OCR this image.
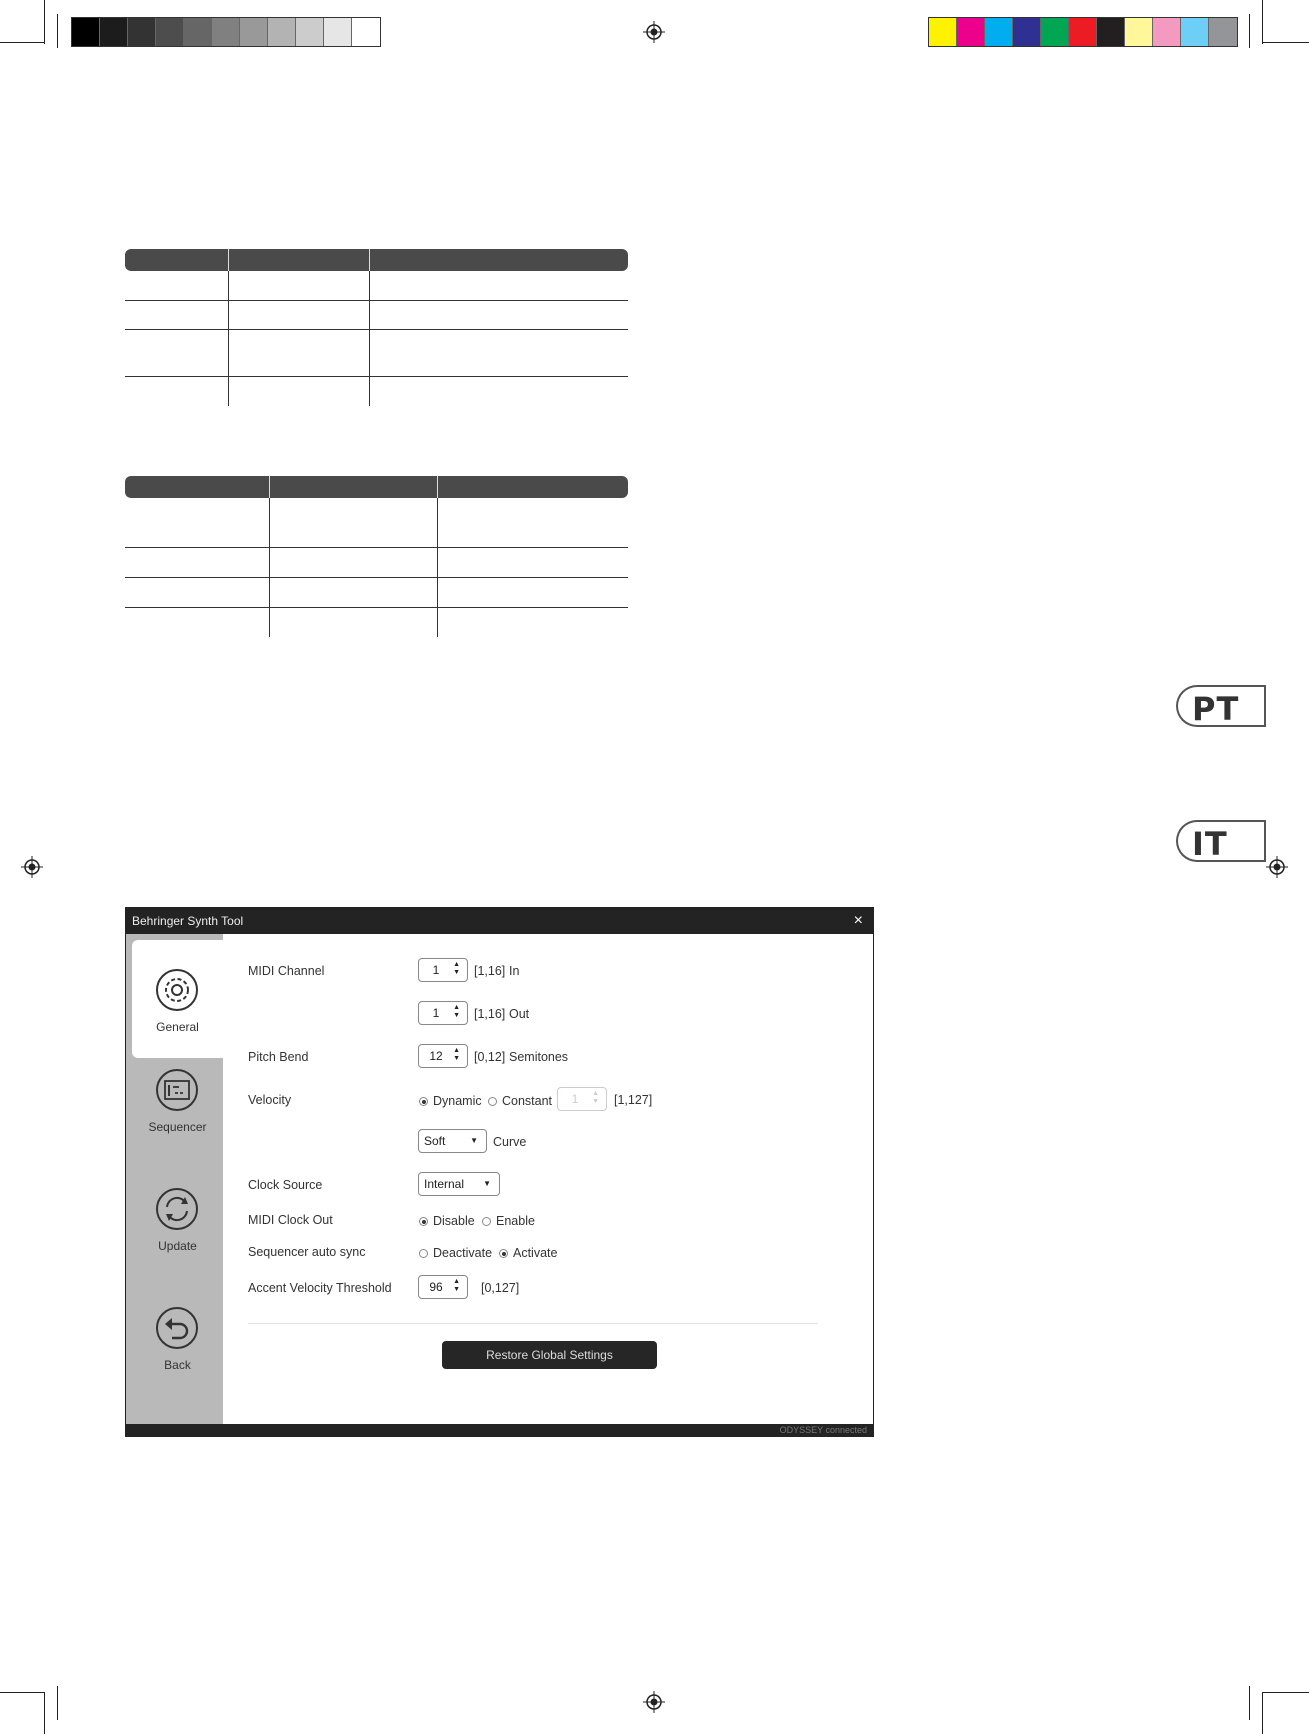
PT
IT
Behringer Synth Tool	×
General
Sequencer
Update
Back
MIDI Channel	1	▲
▼ [1,16] In
1	▲
▼ [1,16] Out
Pitch Bend	12	▲
▼ [0,12] Semitones
Velocity	Dynamic Constant	1	▲
▼ [1,127]
Soft	▼ Curve
Clock Source	Internal ▼
MIDI Clock Out	Disable Enable
Sequencer auto sync	Deactivate Activate
Accent Velocity Threshold	96	▲
▼ [0,127]
Restore Global Settings
ODYSSEY connected
